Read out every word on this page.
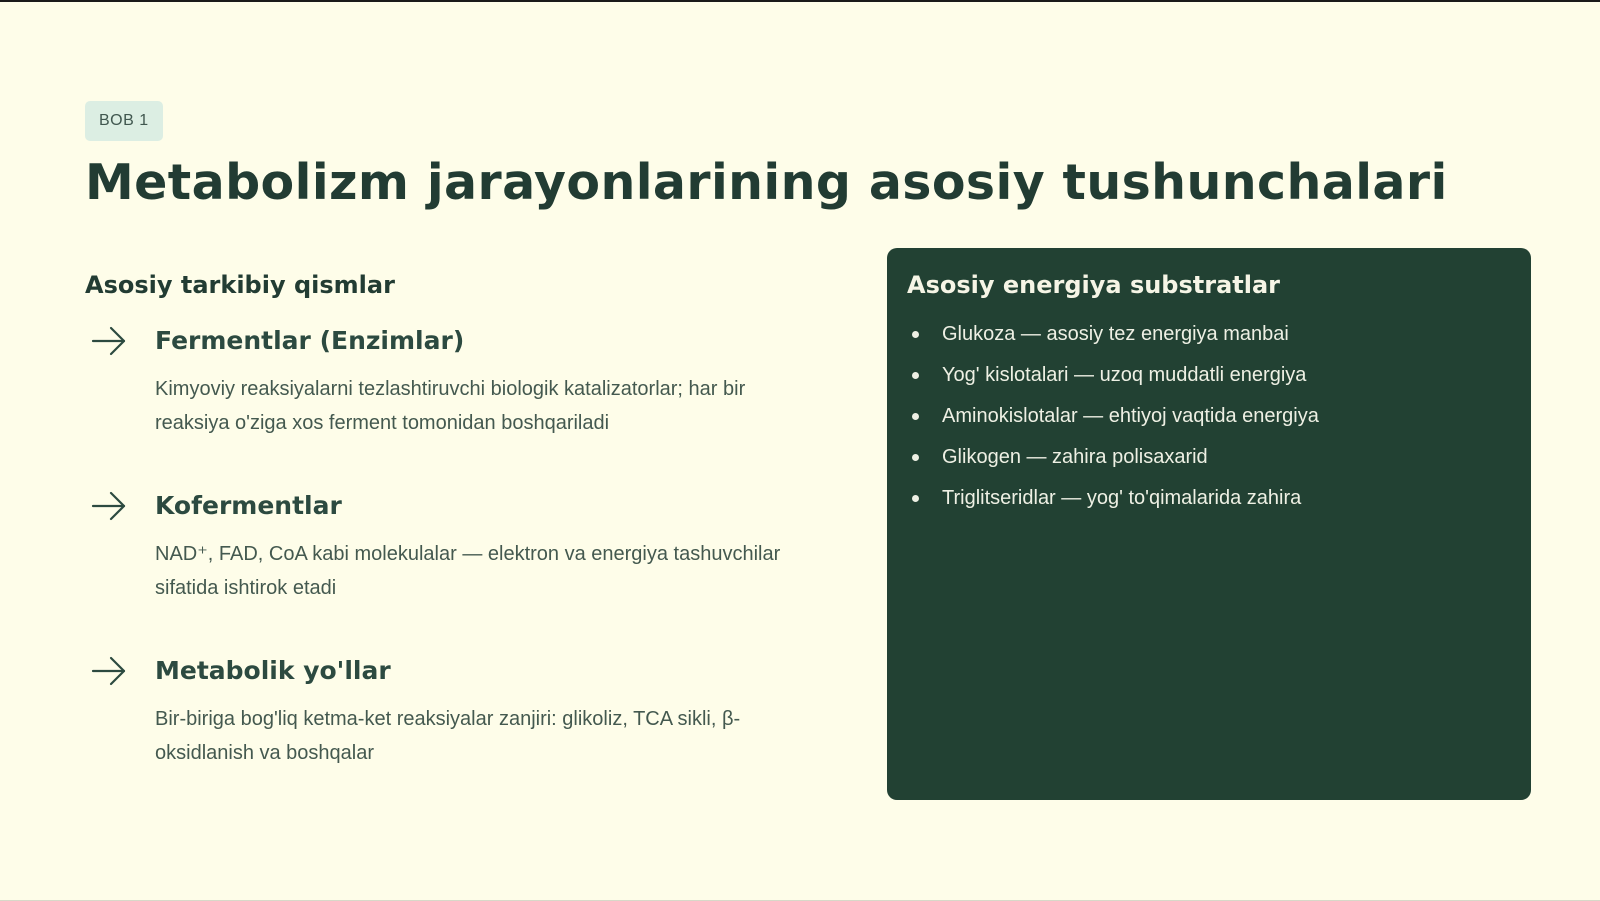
BOB 1
Metabolizm jarayonlarining asosiy tushunchalari
Asosiy tarkibiy qismlar
Fermentlar (Enzimlar)

Kimyoviy reaksiyalarni tezlashtiruvchi biologik katalizatorlar; har bir reaksiya o'ziga xos ferment tomonidan boshqariladi

Kofermentlar

NAD⁺, FAD, CoA kabi molekulalar — elektron va energiya tashuvchilar sifatida ishtirok etadi

Metabolik yo'llar

Bir-biriga bog'liq ketma-ket reaksiyalar zanjiri: glikoliz, TCA sikli, β-oksidlanish va boshqalar

Asosiy energiya substratlar
Glukoza — asosiy tez energiya manbai
Yog' kislotalari — uzoq muddatli energiya
Aminokislotalar — ehtiyoj vaqtida energiya
Glikogen — zahira polisaxarid
Triglitseridlar — yog' to'qimalarida zahira
